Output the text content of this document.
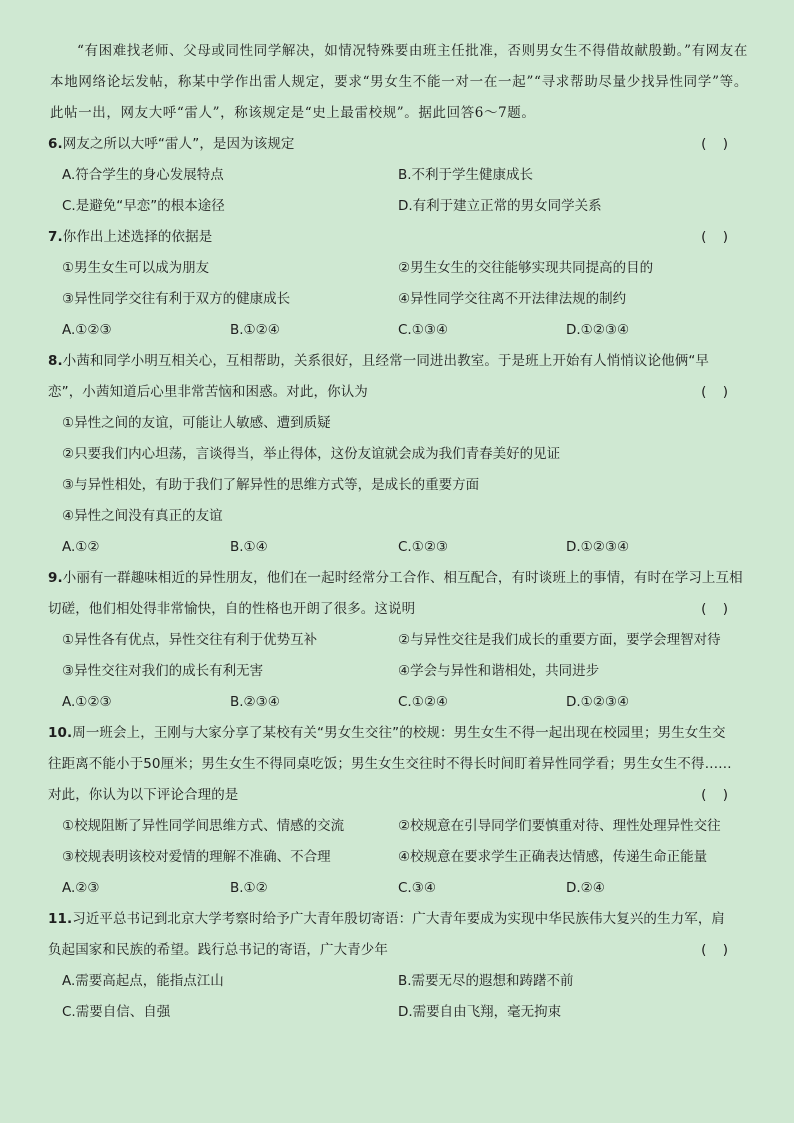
“有困难找老师、父母或同性同学解决，如情况特殊要由班主任批准，否则男女生不得借故献殷勤。”有网友在本地网络论坛发帖，称某中学作出雷人规定，要求“男女生不能一对一在一起”“寻求帮助尽量少找异性同学”等。此帖一出，网友大呼“雷人”，称该规定是“史上最雷校规”。据此回答6～7题。

6.网友之所以大呼“雷人”，是因为该规定	( )
A.符合学生的身心发展特点	B.不利于学生健康成长
C.是避免“早恋”的根本途径	D.有利于建立正常的男女同学关系
7.你作出上述选择的依据是	( )
①男生女生可以成为朋友	②男生女生的交往能够实现共同提高的目的
③异性同学交往有利于双方的健康成长	④异性同学交往离不开法律法规的制约
A.①②③	B.①②④	C.①③④	D.①②③④
8.小茜和同学小明互相关心，互相帮助，关系很好，且经常一同进出教室。于是班上开始有人悄悄议论他俩“早
恋”，小茜知道后心里非常苦恼和困惑。对此，你认为	( )
①异性之间的友谊，可能让人敏感、遭到质疑
②只要我们内心坦荡，言谈得当，举止得体，这份友谊就会成为我们青春美好的见证
③与异性相处，有助于我们了解异性的思维方式等，是成长的重要方面
④异性之间没有真正的友谊
A.①②	B.①④	C.①②③	D.①②③④
9.小丽有一群趣味相近的异性朋友，他们在一起时经常分工合作、相互配合，有时谈班上的事情，有时在学习上互相
切磋，他们相处得非常愉快，自的性格也开朗了很多。这说明	( )
①异性各有优点，异性交往有利于优势互补	②与异性交往是我们成长的重要方面，要学会理智对待
③异性交往对我们的成长有利无害	④学会与异性和谐相处，共同进步
A.①②③	B.②③④	C.①②④	D.①②③④
10.周一班会上，王刚与大家分享了某校有关“男女生交往”的校规：男生女生不得一起出现在校园里；男生女生交
往距离不能小于50厘米；男生女生不得同桌吃饭；男生女生交往时不得长时间盯着异性同学看；男生女生不得……
对此，你认为以下评论合理的是	( )
①校规阻断了异性同学间思维方式、情感的交流	②校规意在引导同学们要慎重对待、理性处理异性交往
③校规表明该校对爱情的理解不准确、不合理	④校规意在要求学生正确表达情感，传递生命正能量
A.②③	B.①②	C.③④	D.②④
11.习近平总书记到北京大学考察时给予广大青年殷切寄语：广大青年要成为实现中华民族伟大复兴的生力军，肩
负起国家和民族的希望。践行总书记的寄语，广大青少年	( )
A.需要高起点，能指点江山	B.需要无尽的遐想和踌躇不前
C.需要自信、自强	D.需要自由飞翔，毫无拘束
